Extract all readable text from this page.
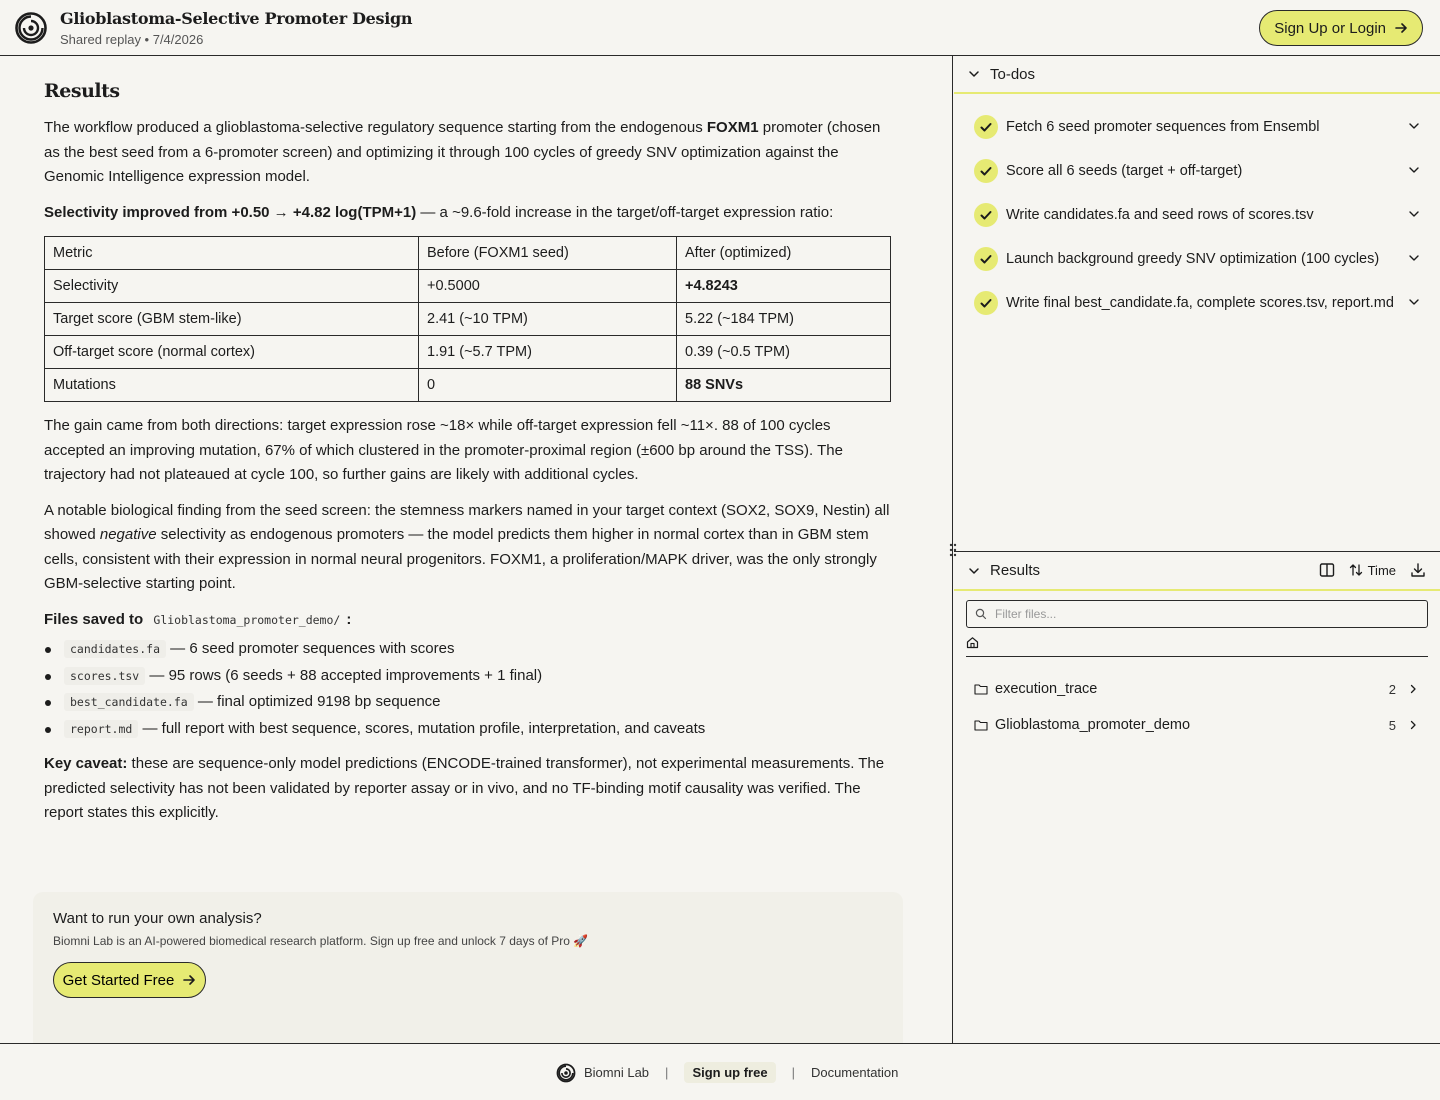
Glioblastoma-Selective Promoter Design
Shared replay • 7/4/2026
Sign Up or Login
Results

The workflow produced a glioblastoma-selective regulatory sequence starting from the endogenous FOXM1 promoter (chosen as the best seed from a 6-promoter screen) and optimizing it through 100 cycles of greedy SNV optimization against the Genomic Intelligence expression model.

Selectivity improved from +0.50 → +4.82 log(TPM+1) — a ~9.6-fold increase in the target/off-target expression ratio:

Metric	Before (FOXM1 seed)	After (optimized)
Selectivity	+0.5000	+4.8243
Target score (GBM stem-like)	2.41 (~10 TPM)	5.22 (~184 TPM)
Off-target score (normal cortex)	1.91 (~5.7 TPM)	0.39 (~0.5 TPM)
Mutations	0	88 SNVs

The gain came from both directions: target expression rose ~18× while off-target expression fell ~11×. 88 of 100 cycles accepted an improving mutation, 67% of which clustered in the promoter-proximal region (±600 bp around the TSS). The trajectory had not plateaued at cycle 100, so further gains are likely with additional cycles.

A notable biological finding from the seed screen: the stemness markers named in your target context (SOX2, SOX9, Nestin) all showed negative selectivity as endogenous promoters — the model predicts them higher in normal cortex than in GBM stem cells, consistent with their expression in normal neural progenitors. FOXM1, a proliferation/MAPK driver, was the only strongly GBM-selective starting point.

Files saved to Glioblastoma_promoter_demo/ :

candidates.fa — 6 seed promoter sequences with scores
scores.tsv — 95 rows (6 seeds + 88 accepted improvements + 1 final)
best_candidate.fa — final optimized 9198 bp sequence
report.md — full report with best sequence, scores, mutation profile, interpretation, and caveats

Key caveat: these are sequence-only model predictions (ENCODE-trained transformer), not experimental measurements. The predicted selectivity has not been validated by reporter assay or in vivo, and no TF-binding motif causality was verified. The report states this explicitly.

Want to run your own analysis?
Biomni Lab is an AI-powered biomedical research platform. Sign up free and unlock 7 days of Pro 🚀
Get Started Free
To-dos
Fetch 6 seed promoter sequences from Ensembl
Score all 6 seeds (target + off-target)
Write candidates.fa and seed rows of scores.tsv
Launch background greedy SNV optimization (100 cycles)
Write final best_candidate.fa, complete scores.tsv, report.md
Results	Time
Filter files...
execution_trace	2
Glioblastoma_promoter_demo	5
Biomni Lab |	Sign up free	| Documentation
